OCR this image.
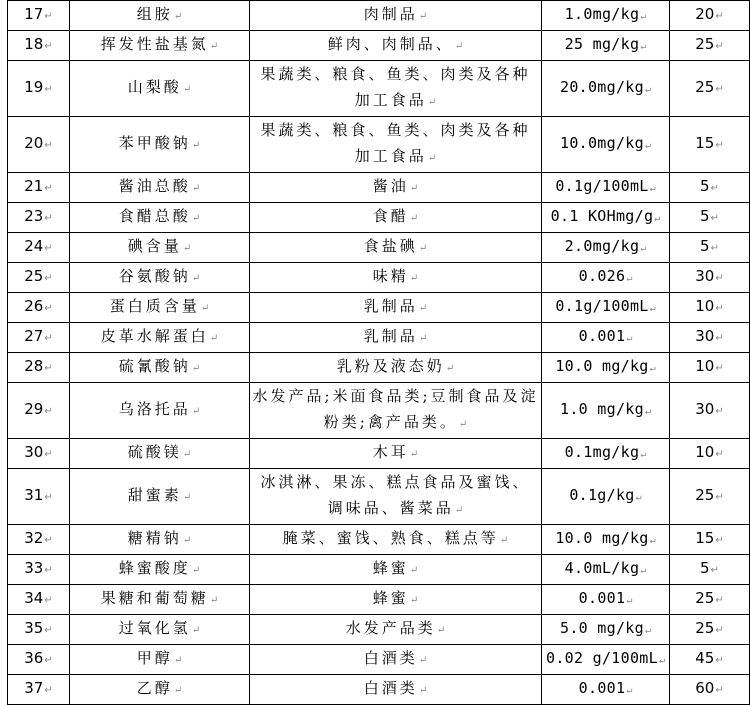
17↵	组胺↵	肉制品↵	1.0mg/kg↵	20↵
18↵	挥发性盐基氮↵	鲜肉、肉制品、↵	25 mg/kg↵	25↵
19↵	山梨酸↵	果蔬类、粮食、鱼类、肉类及各种加工食品↵	20.0mg/kg↵	25↵
20↵	苯甲酸钠↵	果蔬类、粮食、鱼类、肉类及各种加工食品↵	10.0mg/kg↵	15↵
21↵	酱油总酸↵	酱油↵	0.1g/100mL↵	5↵
23↵	食醋总酸↵	食醋↵	0.1 KOHmg/g↵	5↵
24↵	碘含量↵	食盐碘↵	2.0mg/kg↵	5↵
25↵	谷氨酸钠↵	味精↵	0.026↵	30↵
26↵	蛋白质含量↵	乳制品↵	0.1g/100mL↵	10↵
27↵	皮革水解蛋白↵	乳制品↵	0.001↵	30↵
28↵	硫氰酸钠↵	乳粉及液态奶↵	10.0 mg/kg↵	10↵
29↵	乌洛托品↵	水发产品;米面食品类;豆制食品及淀粉类;禽产品类。↵	1.0 mg/kg↵	30↵
30↵	硫酸镁↵	木耳↵	0.1mg/kg↵	10↵
31↵	甜蜜素↵	冰淇淋、果冻、糕点食品及蜜饯、调味品、酱菜品↵	0.1g/kg↵	25↵
32↵	糖精钠↵	腌菜、蜜饯、熟食、糕点等↵	10.0 mg/kg↵	15↵
33↵	蜂蜜酸度↵	蜂蜜↵	4.0mL/kg↵	5↵
34↵	果糖和葡萄糖↵	蜂蜜↵	0.001↵	25↵
35↵	过氧化氢↵	水发产品类↵	5.0 mg/kg↵	25↵
36↵	甲醇↵	白酒类↵	0.02 g/100mL↵	45↵
37↵	乙醇↵	白酒类↵	0.001↵	60↵
